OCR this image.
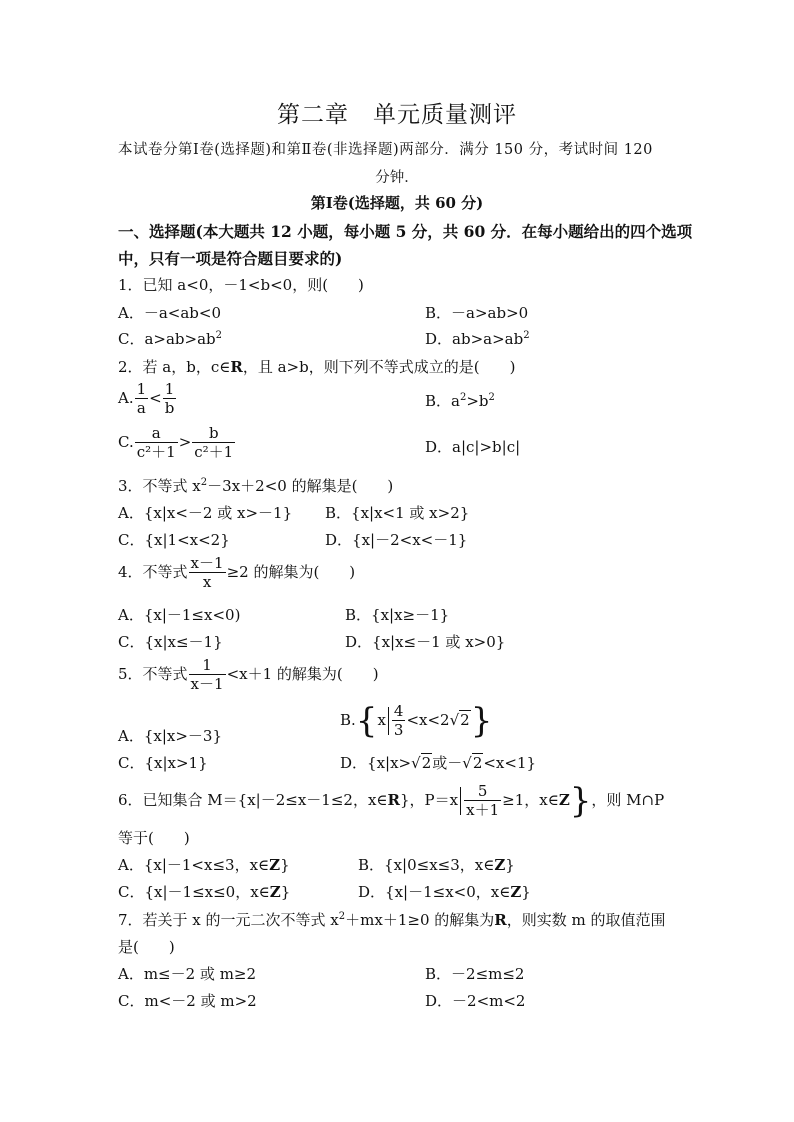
第二章　单元质量测评
本试卷分第Ⅰ卷(选择题)和第Ⅱ卷(非选择题)两部分．满分 150 分，考试时间 120
分钟．
第Ⅰ卷(选择题，共 60 分)
一、选择题(本大题共 12 小题，每小题 5 分，共 60 分．在每小题给出的四个选项
中，只有一项是符合题目要求的)
1．已知 a<0，－1<b<0，则(　　)
A．－a<ab<0	B．－a>ab>0
C．$a>ab>ab^2$	D．$ab>a>ab^2$
2．若 a，b，c∈R，且 a>b，则下列不等式成立的是(　　)
A. $\frac{1}{a} < \frac{1}{b}$	B．$a^2>b^2$
C. $\frac{a}{\text{c²＋1}} > \frac{b}{\text{c²＋1}}$	D．a|c|>b|c|
3．不等式 $x^2-3x+2<0$ 的解集是(　　)
A．{x|x<－2 或 x>－1} B．{x|x<1 或 x>2}
C．{x|1<x<2}	D．{x|－2<x<－1}
4．不等式 $\frac{x-1}{x} \ge 2$ 的解集为(　　)
A．{x|－1≤x<0)	B．{x|x≥－1}
C．{x|x≤－1}	D．{x|x≤－1 或 x>0}
5．不等式 $\frac{1}{x-1} <x+1$ 的解集为(　　)
A．{x|x>－3}
$B.\{x \frac{4}{3} <x<2√2\}$
C．{x|x>1}	D．{x|x>√2或－√2<x<1}
6．已知集合 M＝{x|－2≤x－1≤2，x∈R}，$P=x \frac{5}{x+1} \ge 1$，x∈Z}，则 M∩P
等于(　　)
A．{x|－1<x≤3，x∈Z}	B．{x|0≤x≤3，x∈Z}
C．{x|－1≤x≤0，x∈Z}	D．{x|－1≤x<0，x∈Z}
7．若关于 x 的一元二次不等式 $x^2+mx+1\ge 0$ 的解集为R，则实数 m 的取值范围
是(　　)
A．m≤－2 或 m≥2	B．－2≤m≤2
C．m<－2 或 m>2	D．－2<m<2
